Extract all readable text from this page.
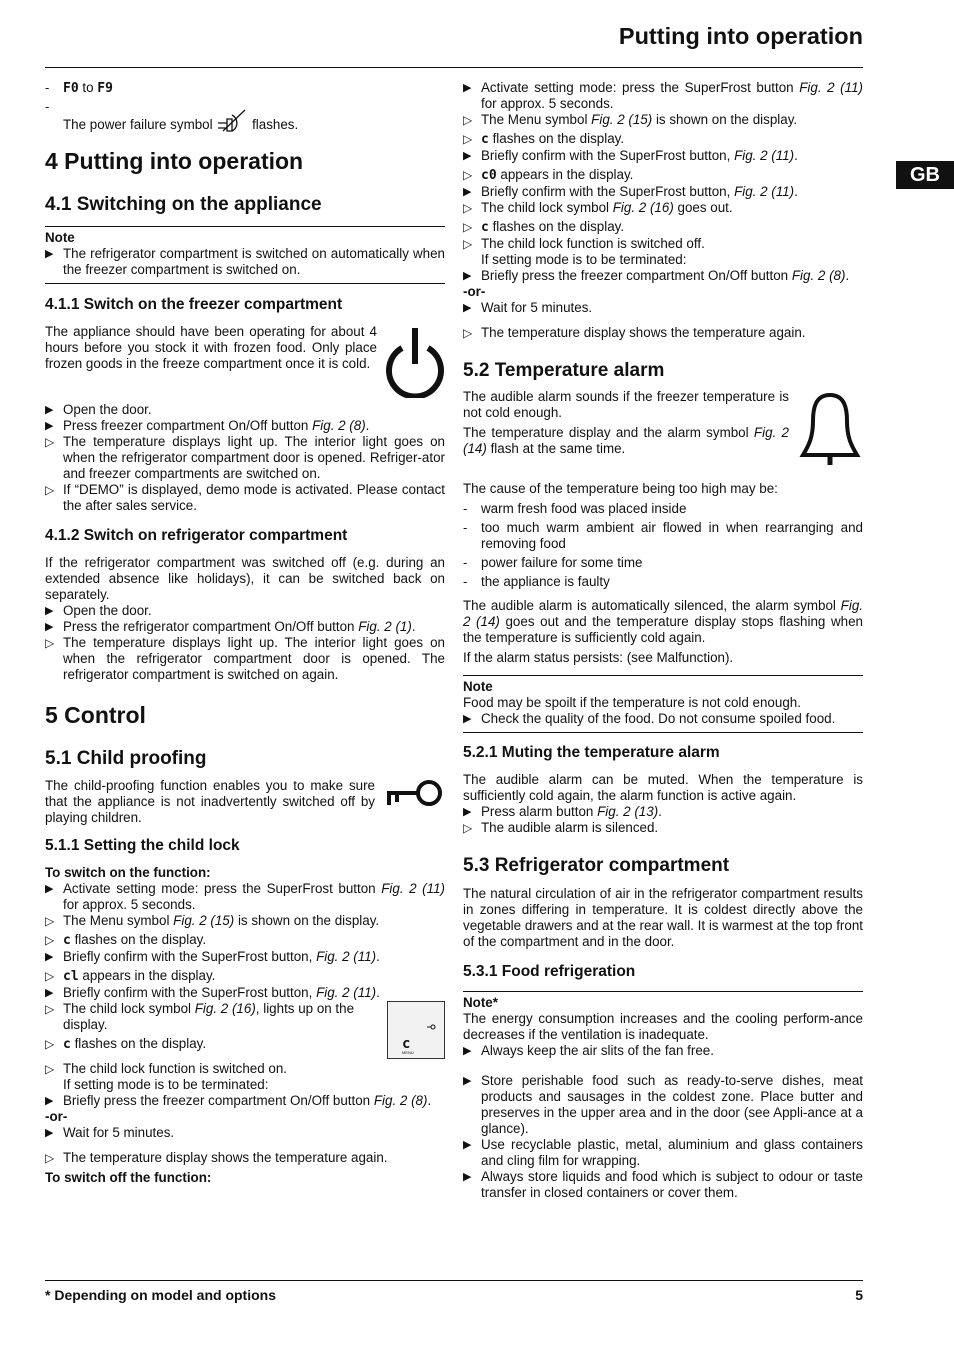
Putting into operation
GB
-	F0 to F9
-
The power failure symbol	flashes.
4 Putting into operation
4.1 Switching on the appliance
Note
▶ The refrigerator compartment is switched on automatically when the freezer compartment is switched on.
4.1.1 Switch on the freezer compartment
The appliance should have been operating for about 4 hours before you stock it with frozen food. Only place frozen goods in the freeze compartment once it is cold.
▶ Open the door.
▶ Press freezer compartment On/Off button Fig. 2 (8).
▷ The temperature displays light up. The interior light goes on when the refrigerator compartment door is opened. Refriger-ator and freezer compartments are switched on.
▷ If “DEMO” is displayed, demo mode is activated. Please contact the after sales service.
4.1.2 Switch on refrigerator compartment
If the refrigerator compartment was switched off (e.g. during an extended absence like holidays), it can be switched back on separately.
▶ Open the door.
▶ Press the refrigerator compartment On/Off button Fig. 2 (1).
▷ The temperature displays light up. The interior light goes on when the refrigerator compartment door is opened. The refrigerator compartment is switched on again.
5 Control
5.1 Child proofing
The child-proofing function enables you to make sure that the appliance is not inadvertently switched off by playing children.
5.1.1 Setting the child lock
To switch on the function:
▶ Activate setting mode: press the SuperFrost button Fig. 2 (11) for approx. 5 seconds.
▷ The Menu symbol Fig. 2 (15) is shown on the display.
▷ c flashes on the display.
▶ Briefly confirm with the SuperFrost button, Fig. 2 (11).
▷ cl appears in the display.
▶ Briefly confirm with the SuperFrost button, Fig. 2 (11).
c
MENU
▷ The child lock symbol Fig. 2 (16), lights up on the display.
▷ c flashes on the display.
▷ The child lock function is switched on.
If setting mode is to be terminated:
▶ Briefly press the freezer compartment On/Off button Fig. 2 (8).
-or-
▶ Wait for 5 minutes.
▷ The temperature display shows the temperature again.
To switch off the function:
▶ Activate setting mode: press the SuperFrost button Fig. 2 (11) for approx. 5 seconds.
▷ The Menu symbol Fig. 2 (15) is shown on the display.
▷ c flashes on the display.
▶ Briefly confirm with the SuperFrost button, Fig. 2 (11).
▷ c0 appears in the display.
▶ Briefly confirm with the SuperFrost button, Fig. 2 (11).
▷ The child lock symbol Fig. 2 (16) goes out.
▷ c flashes on the display.
▷ The child lock function is switched off.
If setting mode is to be terminated:
▶ Briefly press the freezer compartment On/Off button Fig. 2 (8).
-or-
▶ Wait for 5 minutes.
▷ The temperature display shows the temperature again.
5.2 Temperature alarm
The audible alarm sounds if the freezer temperature is not cold enough.
The temperature display and the alarm symbol Fig. 2 (14) flash at the same time.
The cause of the temperature being too high may be:
-	warm fresh food was placed inside
-	too much warm ambient air flowed in when rearranging and removing food
-	power failure for some time
-	the appliance is faulty
The audible alarm is automatically silenced, the alarm symbol Fig. 2 (14) goes out and the temperature display stops flashing when the temperature is sufficiently cold again.
If the alarm status persists: (see Malfunction).
Note
Food may be spoilt if the temperature is not cold enough.
▶ Check the quality of the food. Do not consume spoiled food.
5.2.1 Muting the temperature alarm
The audible alarm can be muted. When the temperature is sufficiently cold again, the alarm function is active again.
▶ Press alarm button Fig. 2 (13).
▷ The audible alarm is silenced.
5.3 Refrigerator compartment
The natural circulation of air in the refrigerator compartment results in zones differing in temperature. It is coldest directly above the vegetable drawers and at the rear wall. It is warmest at the top front of the compartment and in the door.
5.3.1 Food refrigeration
Note*
The energy consumption increases and the cooling perform-ance decreases if the ventilation is inadequate.
▶ Always keep the air slits of the fan free.
▶ Store perishable food such as ready-to-serve dishes, meat products and sausages in the coldest zone. Place butter and preserves in the upper area and in the door (see Appli-ance at a glance).
▶ Use recyclable plastic, metal, aluminium and glass containers and cling film for wrapping.
▶ Always store liquids and food which is subject to odour or taste transfer in closed containers or cover them.
* Depending on model and options	5
